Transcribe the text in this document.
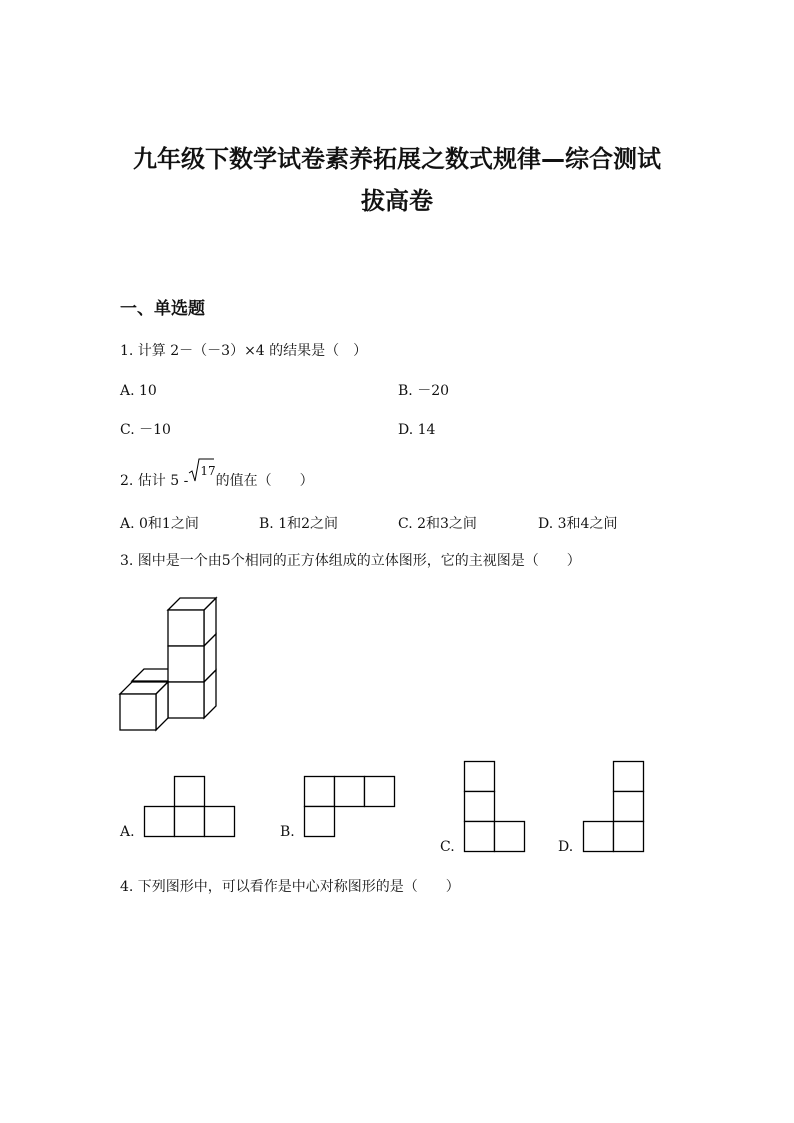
九年级下数学试卷素养拓展之数式规律—综合测试
拔高卷
一、单选题
1. 计算 2－（－3）×4 的结果是（　）
A. 10	B. －20
C. －10	D. 14
2. 估计 5 -
17的值在（　　）
A. 0和1之间	B. 1和2之间	C. 2和3之间	D. 3和4之间
3. 图中是一个由5个相同的正方体组成的立体图形，它的主视图是（　　）
A.	B.
C.	D.
4. 下列图形中，可以看作是中心对称图形的是（　　）
